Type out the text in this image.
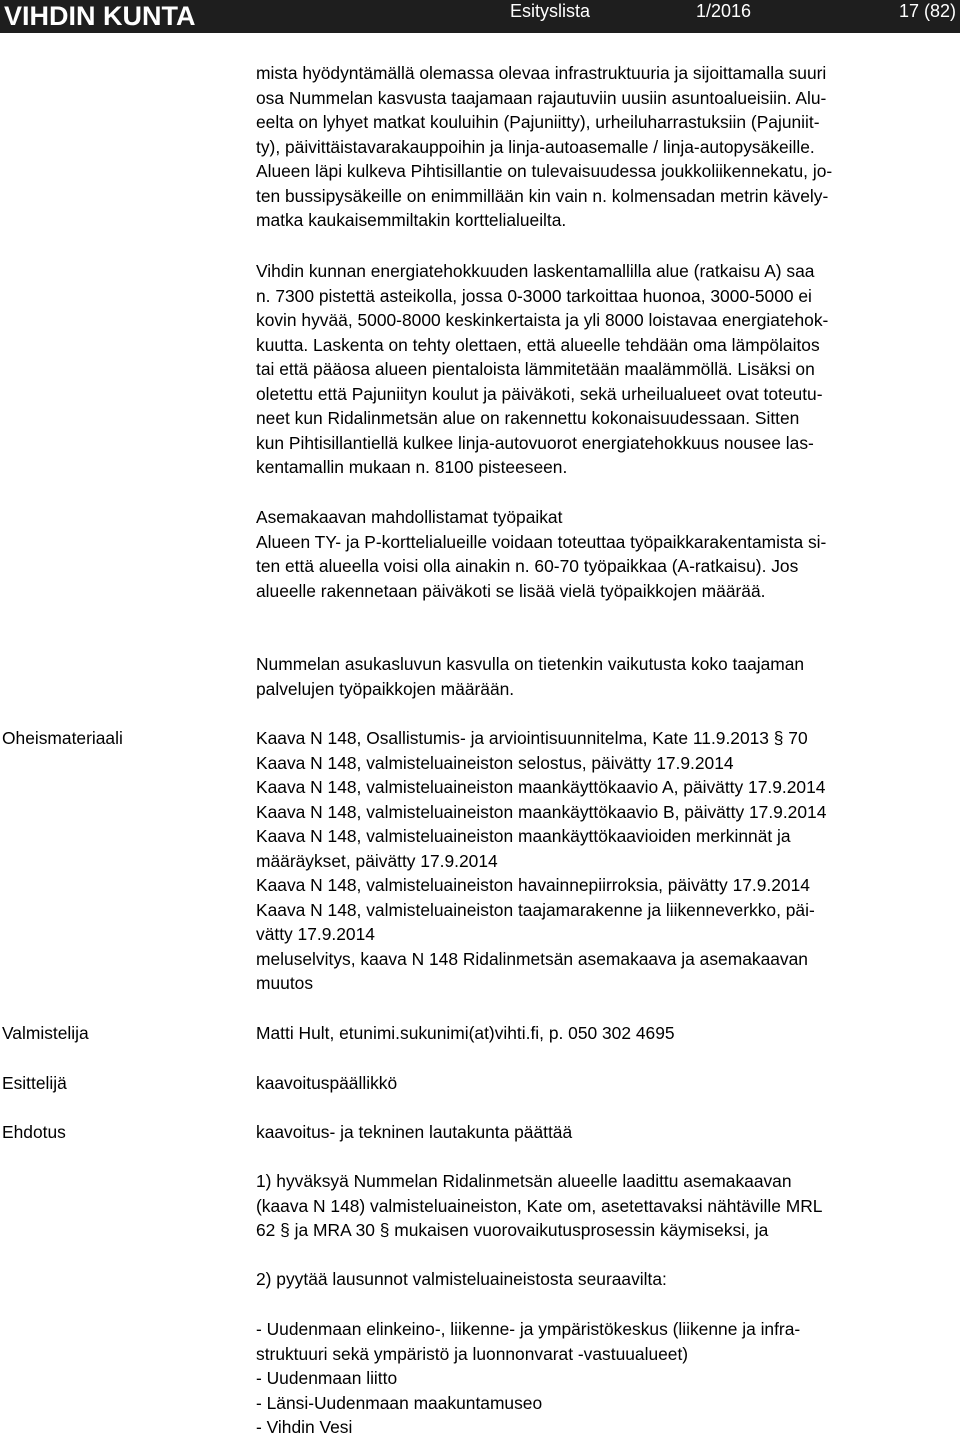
VIHDIN KUNTA	Esityslista	1/2016	17 (82)

mista hyödyntämällä olemassa olevaa infrastruktuuria ja sijoittamalla suuri

osa Nummelan kasvusta taajamaan rajautuviin uusiin asuntoalueisiin. Alu-

eelta on lyhyet matkat kouluihin (Pajuniitty), urheiluharrastuksiin (Pajuniit-

ty), päivittäistavarakauppoihin ja linja-autoasemalle / linja-autopysäkeille.

Alueen läpi kulkeva Pihtisillantie on tulevaisuudessa joukkoliikennekatu, jo-

ten bussipysäkeille on enimmillään kin vain n. kolmensadan metrin kävely-

matka kaukaisemmiltakin korttelialueilta.

Vihdin kunnan energiatehokkuuden laskentamallilla alue (ratkaisu A) saa

n. 7300 pistettä asteikolla, jossa 0-3000 tarkoittaa huonoa, 3000-5000 ei

kovin hyvää, 5000-8000 keskinkertaista ja yli 8000 loistavaa energiatehok-

kuutta. Laskenta on tehty olettaen, että alueelle tehdään oma lämpölaitos

tai että pääosa alueen pientaloista lämmitetään maalämmöllä. Lisäksi on

oletettu että Pajuniityn koulut ja päiväkoti, sekä urheilualueet ovat toteutu-

neet kun Ridalinmetsän alue on rakennettu kokonaisuudessaan. Sitten

kun Pihtisillantiellä kulkee linja-autovuorot energiatehokkuus nousee las-

kentamallin mukaan n. 8100 pisteeseen.

Asemakaavan mahdollistamat työpaikat

Alueen TY- ja P-korttelialueille voidaan toteuttaa työpaikkarakentamista si-

ten että alueella voisi olla ainakin n. 60-70 työpaikkaa (A-ratkaisu). Jos

alueelle rakennetaan päiväkoti se lisää vielä työpaikkojen määrää.

Nummelan asukasluvun kasvulla on tietenkin vaikutusta koko taajaman

palvelujen työpaikkojen määrään.

Oheismateriaali	Kaava N 148, Osallistumis- ja arviointisuunnitelma, Kate 11.9.2013 § 70

Kaava N 148, valmisteluaineiston selostus, päivätty 17.9.2014

Kaava N 148, valmisteluaineiston maankäyttökaavio A, päivätty 17.9.2014

Kaava N 148, valmisteluaineiston maankäyttökaavio B, päivätty 17.9.2014

Kaava N 148, valmisteluaineiston maankäyttökaavioiden merkinnät ja

määräykset, päivätty 17.9.2014

Kaava N 148, valmisteluaineiston havainnepiirroksia, päivätty 17.9.2014

Kaava N 148, valmisteluaineiston taajamarakenne ja liikenneverkko, päi-

vätty 17.9.2014

meluselvitys, kaava N 148 Ridalinmetsän asemakaava ja asemakaavan

muutos

Valmistelija	Matti Hult, etunimi.sukunimi(at)vihti.fi, p. 050 302 4695

Esittelijä	kaavoituspäällikkö

Ehdotus	kaavoitus- ja tekninen lautakunta päättää

1) hyväksyä Nummelan Ridalinmetsän alueelle laadittu asemakaavan

(kaava N 148) valmisteluaineiston, Kate om, asetettavaksi nähtäville MRL

62 § ja MRA 30 § mukaisen vuorovaikutusprosessin käymiseksi, ja

2) pyytää lausunnot valmisteluaineistosta seuraavilta:

- Uudenmaan elinkeino-, liikenne- ja ympäristökeskus (liikenne ja infra-

struktuuri sekä ympäristö ja luonnonvarat -vastuualueet)

- Uudenmaan liitto

- Länsi-Uudenmaan maakuntamuseo

- Vihdin Vesi
